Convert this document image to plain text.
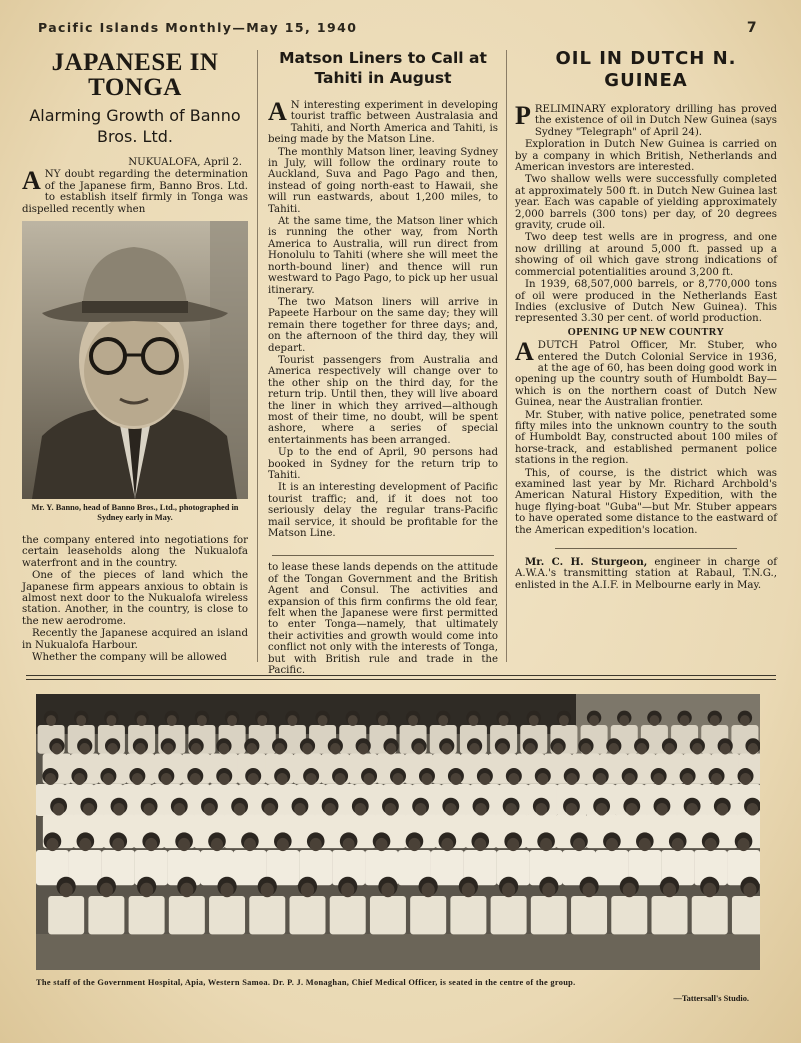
Pacific Islands Monthly—May 15, 1940	7
JAPANESE IN TONGA
Alarming Growth of Banno Bros. Ltd.
NUKUALOFA, April 2.

ANY doubt regarding the determination of the Japanese firm, Banno Bros. Ltd. to establish itself firmly in Tonga was dispelled recently when

Mr. Y. Banno, head of Banno Bros., Ltd., photographed in Sydney early in May.

the company entered into negotiations for certain leaseholds along the Nukualofa waterfront and in the country.

One of the pieces of land which the Japanese firm appears anxious to obtain is almost next door to the Nukualofa wireless station. Another, in the country, is close to the new aerodrome.

Recently the Japanese acquired an island in Nukualofa Harbour.

Whether the company will be allowed

Matson Liners to Call at Tahiti in August

A N interesting experiment in developing tourist traffic between Australasia and Tahiti, and North America and Tahiti, is being made by the Matson Line.

The monthly Matson liner, leaving Sydney in July, will follow the ordinary route to Auckland, Suva and Pago Pago and then, instead of going north-east to Hawaii, she will run eastwards, about 1,200 miles, to Tahiti.

At the same time, the Matson liner which is running the other way, from North America to Australia, will run direct from Honolulu to Tahiti (where she will meet the north-bound liner) and thence will run westward to Pago Pago, to pick up her usual itinerary.

The two Matson liners will arrive in Papeete Harbour on the same day; they will remain there together for three days; and, on the afternoon of the third day, they will depart.

Tourist passengers from Australia and America respectively will change over to the other ship on the third day, for the return trip. Until then, they will live aboard the liner in which they arrived—although most of their time, no doubt, will be spent ashore, where a series of special entertainments has been arranged.

Up to the end of April, 90 persons had booked in Sydney for the return trip to Tahiti.

It is an interesting development of Pacific tourist traffic; and, if it does not too seriously delay the regular trans-Pacific mail service, it should be profitable for the Matson Line.

to lease these lands depends on the attitude of the Tongan Government and the British Agent and Consul. The activities and expansion of this firm confirms the old fear, felt when the Japanese were first permitted to enter Tonga—namely, that ultimately their activities and growth would come into conflict not only with the interests of Tonga, but with British rule and trade in the Pacific.

OIL IN DUTCH N. GUINEA

PRELIMINARY exploratory drilling has proved the existence of oil in Dutch New Guinea (says Sydney "Telegraph" of April 24).

Exploration in Dutch New Guinea is carried on by a company in which British, Netherlands and American investors are interested.

Two shallow wells were successfully completed at approximately 500 ft. in Dutch New Guinea last year. Each was capable of yielding approximately 2,000 barrels (300 tons) per day, of 20 degrees gravity, crude oil.

Two deep test wells are in progress, and one now drilling at around 5,000 ft. passed up a showing of oil which gave strong indications of commercial potentialities around 3,200 ft.

In 1939, 68,507,000 barrels, or 8,770,000 tons of oil were produced in the Netherlands East Indies (exclusive of Dutch New Guinea). This represented 3.30 per cent. of world production.

OPENING UP NEW COUNTRY

ADUTCH Patrol Officer, Mr. Stuber, who entered the Dutch Colonial Service in 1936, at the age of 60, has been doing good work in opening up the country south of Humboldt Bay—which is on the northern coast of Dutch New Guinea, near the Australian frontier.

Mr. Stuber, with native police, penetrated some fifty miles into the unknown country to the south of Humboldt Bay, constructed about 100 miles of horse-track, and established permanent police stations in the region.

This, of course, is the district which was examined last year by Mr. Richard Archbold's American Natural History Expedition, with the huge flying-boat "Guba"—but Mr. Stuber appears to have operated some distance to the eastward of the American expedition's location.

Mr. C. H. Sturgeon, engineer in charge of A.W.A.'s transmitting station at Rabaul, T.N.G., enlisted in the A.I.F. in Melbourne early in May.

The staff of the Government Hospital, Apia, Western Samoa. Dr. P. J. Monaghan, Chief Medical Officer, is seated in the centre of the group.
—Tattersall's Studio.
